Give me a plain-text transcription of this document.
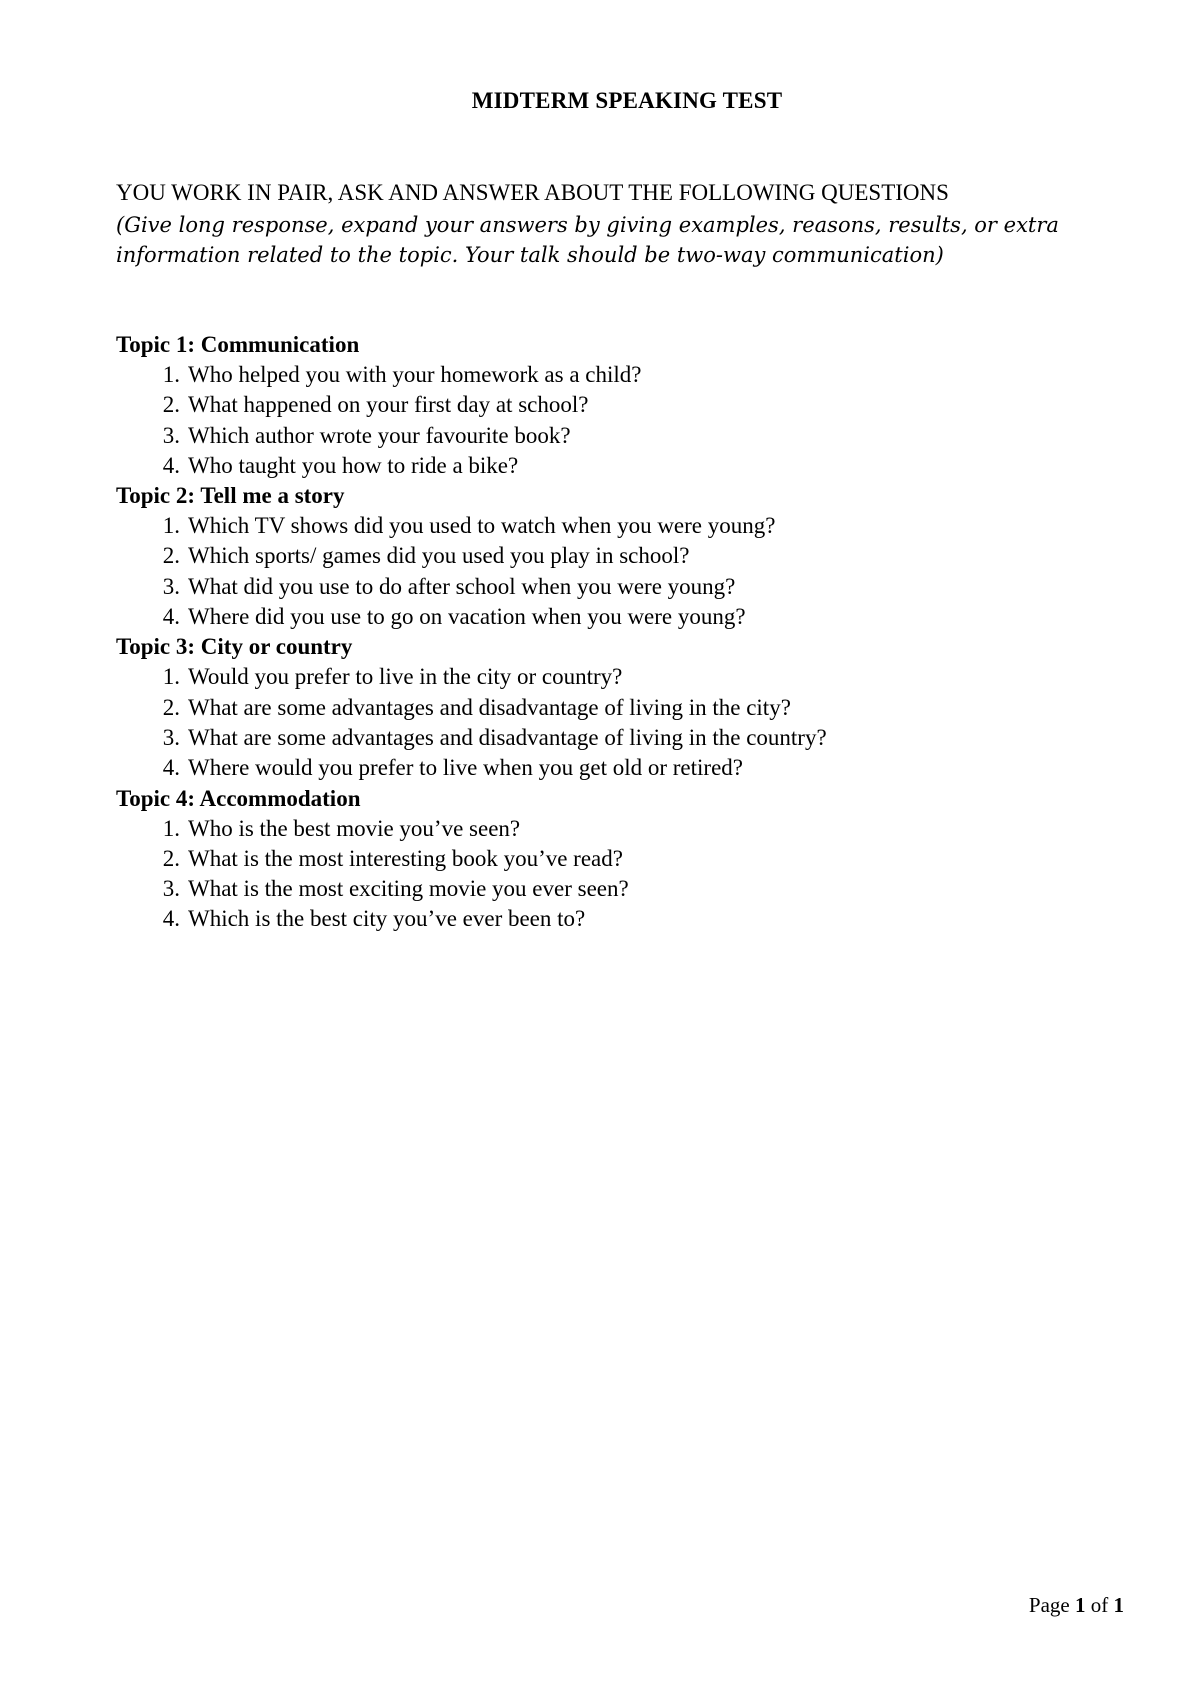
MIDTERM SPEAKING TEST
YOU WORK IN PAIR, ASK AND ANSWER ABOUT THE FOLLOWING QUESTIONS
(Give long response, expand your answers by giving examples, reasons, results, or extra
information related to the topic. Your talk should be two-way communication)
Topic 1: Communication
1. Who helped you with your homework as a child?
2. What happened on your first day at school?
3. Which author wrote your favourite book?
4. Who taught you how to ride a bike?
Topic 2: Tell me a story
1. Which TV shows did you used to watch when you were young?
2. Which sports/ games did you used you play in school?
3. What did you use to do after school when you were young?
4. Where did you use to go on vacation when you were young?
Topic 3: City or country
1. Would you prefer to live in the city or country?
2. What are some advantages and disadvantage of living in the city?
3. What are some advantages and disadvantage of living in the country?
4. Where would you prefer to live when you get old or retired?
Topic 4: Accommodation
1. Who is the best movie you’ve seen?
2. What is the most interesting book you’ve read?
3. What is the most exciting movie you ever seen?
4. Which is the best city you’ve ever been to?
Page 1 of 1
